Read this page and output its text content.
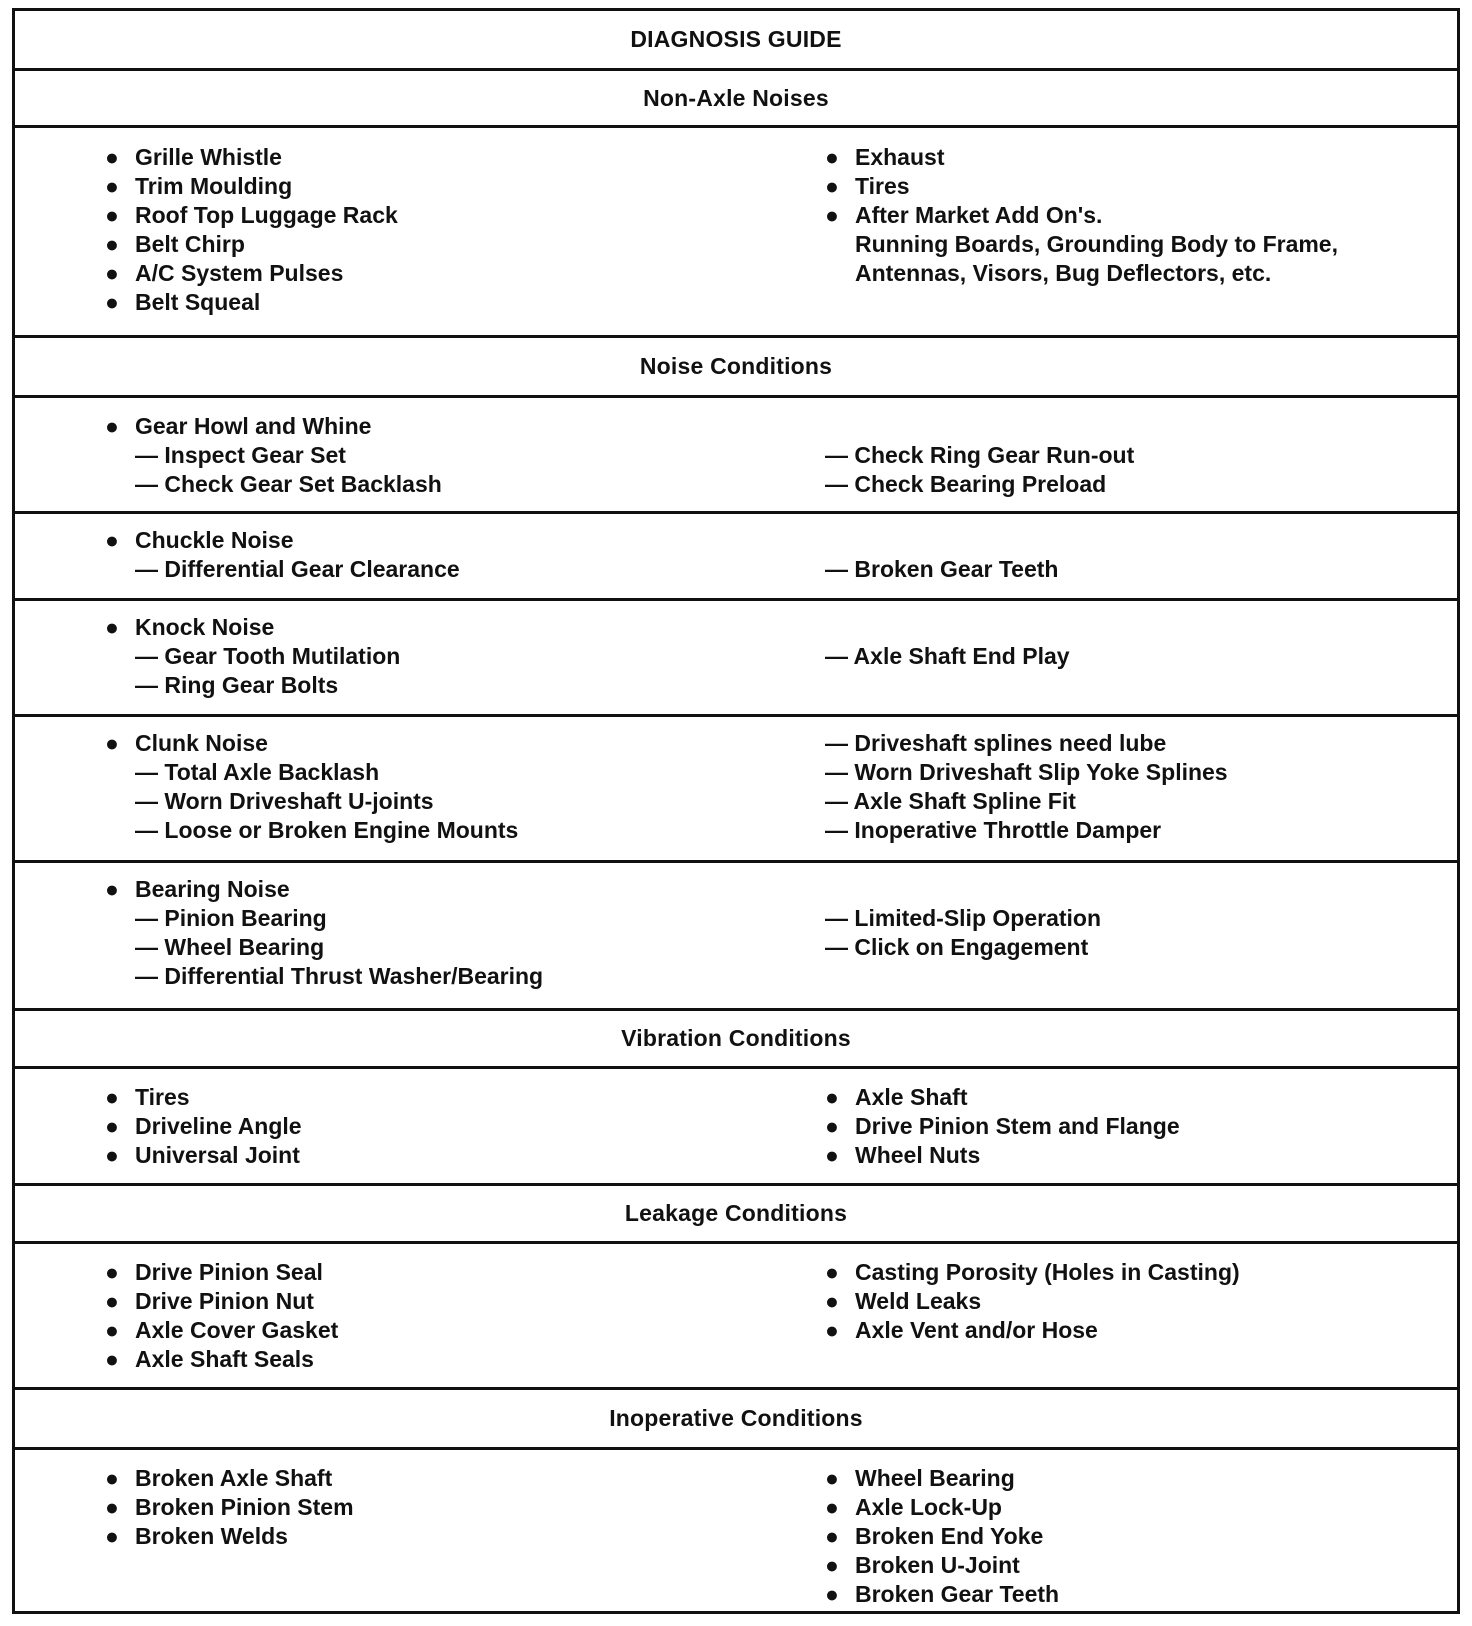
DIAGNOSIS GUIDE
Non-Axle Noises
● Grille Whistle
● Trim Moulding
● Roof Top Luggage Rack
● Belt Chirp
● A/C System Pulses
● Belt Squeal
● Exhaust
● Tires
● After Market Add On's.
Running Boards, Grounding Body to Frame,
Antennas, Visors, Bug Deflectors, etc.
Noise Conditions
● Gear Howl and Whine
— Inspect Gear Set
— Check Gear Set Backlash
— Check Ring Gear Run-out
— Check Bearing Preload
● Chuckle Noise
— Differential Gear Clearance	— Broken Gear Teeth
● Knock Noise
— Gear Tooth Mutilation
— Ring Gear Bolts
— Axle Shaft End Play
● Clunk Noise
— Total Axle Backlash
— Worn Driveshaft U-joints
— Loose or Broken Engine Mounts
— Driveshaft splines need lube
— Worn Driveshaft Slip Yoke Splines
— Axle Shaft Spline Fit
— Inoperative Throttle Damper
● Bearing Noise
— Pinion Bearing
— Wheel Bearing
— Differential Thrust Washer/Bearing
— Limited-Slip Operation
— Click on Engagement
Vibration Conditions
● Tires
● Driveline Angle
● Universal Joint
● Axle Shaft
● Drive Pinion Stem and Flange
● Wheel Nuts
Leakage Conditions
● Drive Pinion Seal
● Drive Pinion Nut
● Axle Cover Gasket
● Axle Shaft Seals
● Casting Porosity (Holes in Casting)
● Weld Leaks
● Axle Vent and/or Hose
Inoperative Conditions
● Broken Axle Shaft
● Broken Pinion Stem
● Broken Welds
● Wheel Bearing
● Axle Lock-Up
● Broken End Yoke
● Broken U-Joint
● Broken Gear Teeth
